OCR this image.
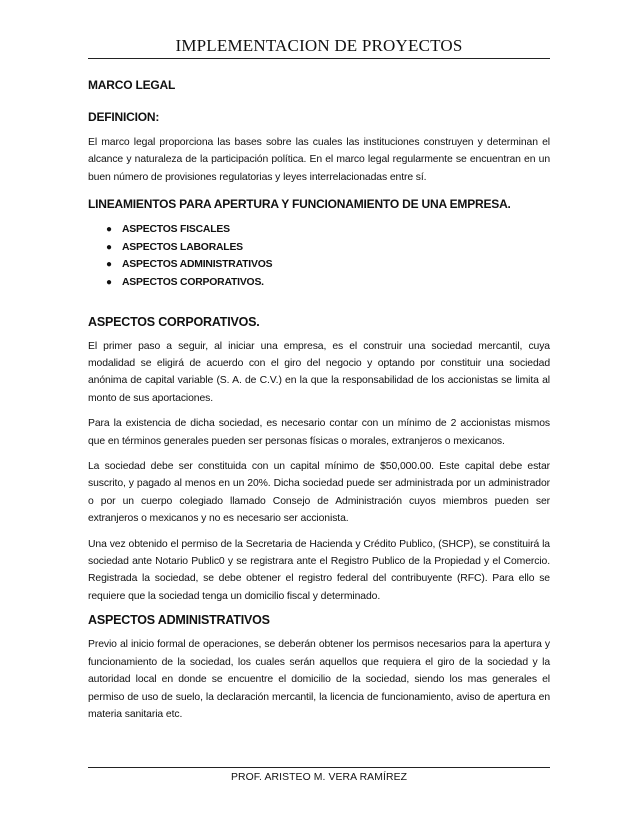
IMPLEMENTACION DE PROYECTOS
MARCO LEGAL
DEFINICION:

El marco legal proporciona las bases sobre las cuales las instituciones construyen y determinan el alcance y naturaleza de la participación política. En el marco legal regularmente se encuentran en un buen número de provisiones regulatorias y leyes interrelacionadas entre sí.

LINEAMIENTOS PARA APERTURA Y FUNCIONAMIENTO DE UNA EMPRESA.
● ASPECTOS FISCALES
● ASPECTOS LABORALES
● ASPECTOS ADMINISTRATIVOS
● ASPECTOS CORPORATIVOS.
ASPECTOS CORPORATIVOS.

El primer paso a seguir, al iniciar una empresa, es el construir una sociedad mercantil, cuya modalidad se eligirá de acuerdo con el giro del negocio y optando por constituir una sociedad anónima de capital variable (S. A. de C.V.) en la que la responsabilidad de los accionistas se limita al monto de sus aportaciones.

Para la existencia de dicha sociedad, es necesario contar con un mínimo de 2 accionistas mismos que en términos generales pueden ser personas físicas o morales, extranjeros o mexicanos.

La sociedad debe ser constituida con un capital mínimo de $50,000.00. Este capital debe estar suscrito, y pagado al menos en un 20%. Dicha sociedad puede ser administrada por un administrador o por un cuerpo colegiado llamado Consejo de Administración cuyos miembros pueden ser extranjeros o mexicanos y no es necesario ser accionista.

Una vez obtenido el permiso de la Secretaria de Hacienda y Crédito Publico, (SHCP), se constituirá la sociedad ante Notario Public0 y se registrara ante el Registro Publico de la Propiedad y el Comercio. Registrada la sociedad, se debe obtener el registro federal del contribuyente (RFC). Para ello se requiere que la sociedad tenga un domicilio fiscal y determinado.

ASPECTOS ADMINISTRATIVOS

Previo al inicio formal de operaciones, se deberán obtener los permisos necesarios para la apertura y funcionamiento de la sociedad, los cuales serán aquellos que requiera el giro de la sociedad y la autoridad local en donde se encuentre el domicilio de la sociedad, siendo los mas generales el permiso de uso de suelo, la declaración mercantil, la licencia de funcionamiento, aviso de apertura en materia sanitaria etc.

PROF. ARISTEO M. VERA RAMÍREZ
